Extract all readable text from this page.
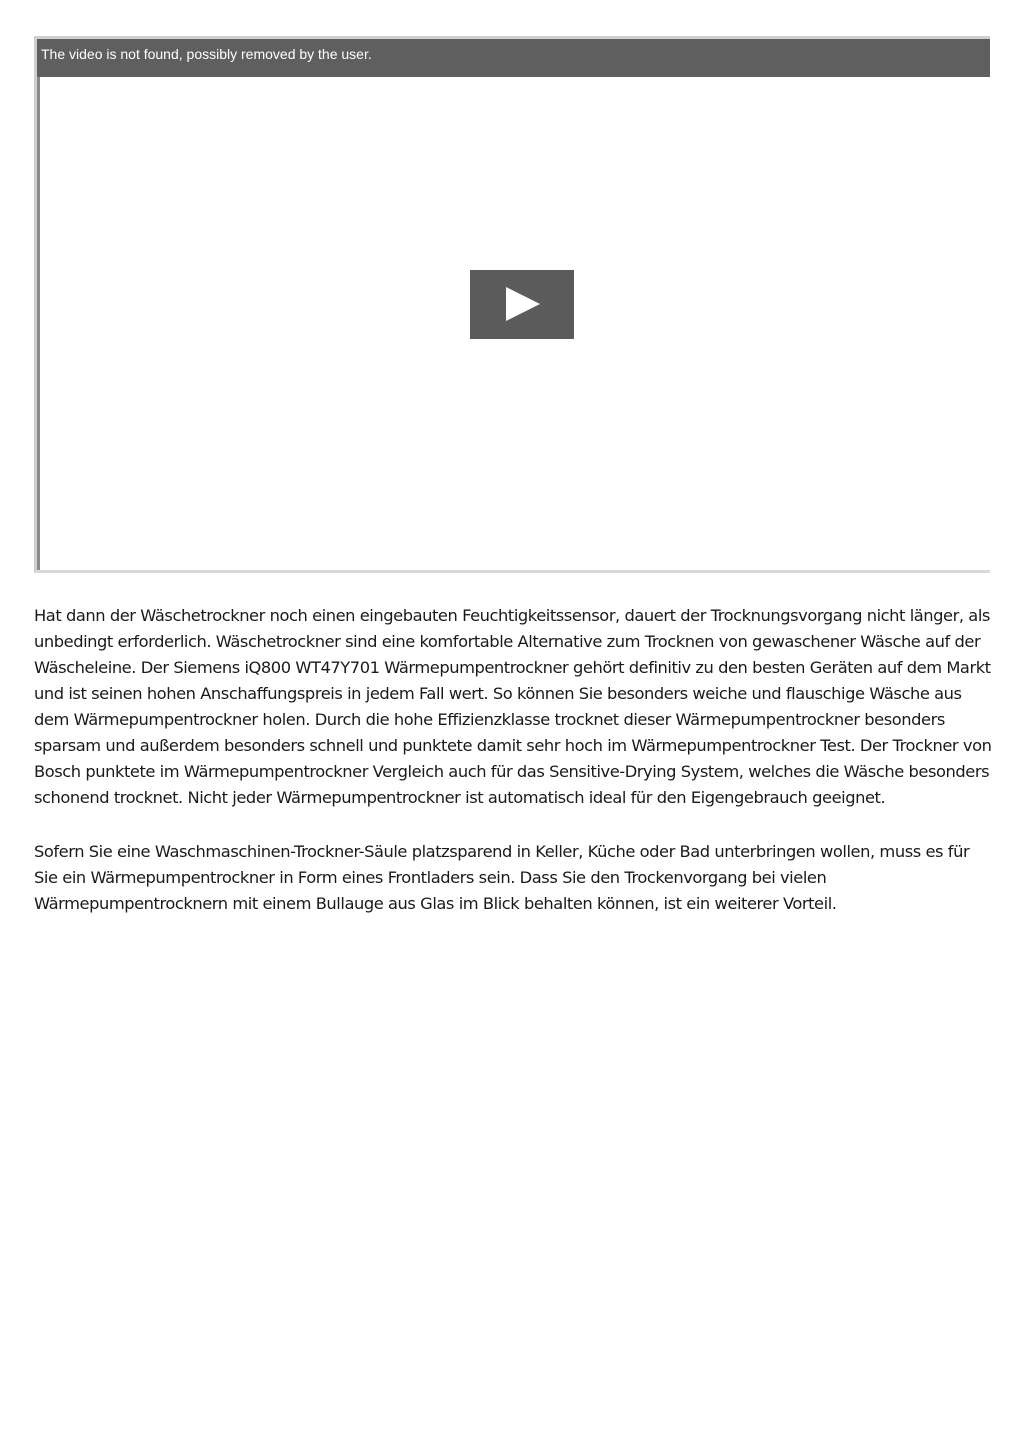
The video is not found, possibly removed by the user.

Hat dann der Wäschetrockner noch einen eingebauten Feuchtigkeitssensor, dauert der Trocknungsvorgang nicht länger, als unbedingt erforderlich. Wäschetrockner sind eine komfortable Alternative zum Trocknen von gewaschener Wäsche auf der Wäscheleine. Der Siemens iQ800 WT47Y701 Wärmepumpentrockner gehört definitiv zu den besten Geräten auf dem Markt und ist seinen hohen Anschaffungspreis in jedem Fall wert. So können Sie besonders weiche und flauschige Wäsche aus dem Wärmepumpentrockner holen. Durch die hohe Effizienzklasse trocknet dieser Wärmepumpentrockner besonders sparsam und außerdem besonders schnell und punktete damit sehr hoch im Wärmepumpentrockner Test. Der Trockner von Bosch punktete im Wärmepumpentrockner Vergleich auch für das Sensitive-Drying System, welches die Wäsche besonders schonend trocknet. Nicht jeder Wärmepumpentrockner ist automatisch ideal für den Eigengebrauch geeignet.

Sofern Sie eine Waschmaschinen-Trockner-Säule platzsparend in Keller, Küche oder Bad unterbringen wollen, muss es für Sie ein Wärmepumpentrockner in Form eines Frontladers sein. Dass Sie den Trockenvorgang bei vielen Wärmepumpentrocknern mit einem Bullauge aus Glas im Blick behalten können, ist ein weiterer Vorteil.
